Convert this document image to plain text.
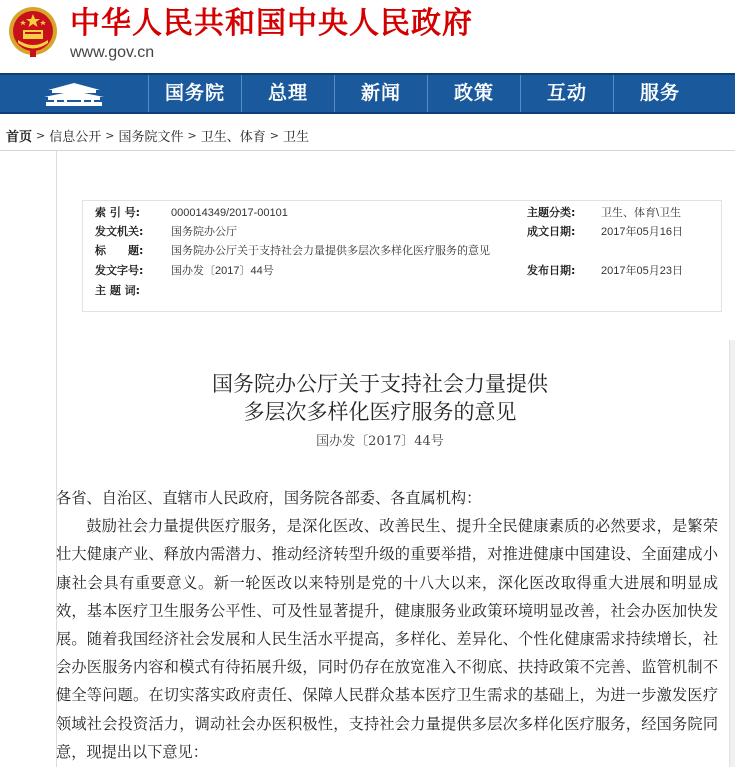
中华人民共和国中央人民政府
www.gov.cn
国务院	总理	新闻	政策	互动	服务
首页 > 信息公开 > 国务院文件 > 卫生、体育 > 卫生
索 引 号:	000014349/2017-00101	主题分类: 卫生、体育\卫生
发文机关:	国务院办公厅	成文日期: 2017年05月16日
标　　题:	国务院办公厅关于支持社会力量提供多层次多样化医疗服务的意见
发文字号:	国办发〔2017〕44号	发布日期: 2017年05月23日
主 题 词:
国务院办公厅关于支持社会力量提供
多层次多样化医疗服务的意见
国办发〔2017〕44号

各省、自治区、直辖市人民政府，国务院各部委、各直属机构：

鼓励社会力量提供医疗服务，是深化医改、改善民生、提升全民健康素质的必然要求，是繁荣壮大健康产业、释放内需潜力、推动经济转型升级的重要举措，对推进健康中国建设、全面建成小康社会具有重要意义。新一轮医改以来特别是党的十八大以来，深化医改取得重大进展和明显成效，基本医疗卫生服务公平性、可及性显著提升，健康服务业政策环境明显改善，社会办医加快发展。随着我国经济社会发展和人民生活水平提高，多样化、差异化、个性化健康需求持续增长，社会办医服务内容和模式有待拓展升级，同时仍存在放宽准入不彻底、扶持政策不完善、监管机制不健全等问题。在切实落实政府责任、保障人民群众基本医疗卫生需求的基础上，为进一步激发医疗领域社会投资活力，调动社会办医积极性，支持社会力量提供多层次多样化医疗服务，经国务院同意，现提出以下意见：
